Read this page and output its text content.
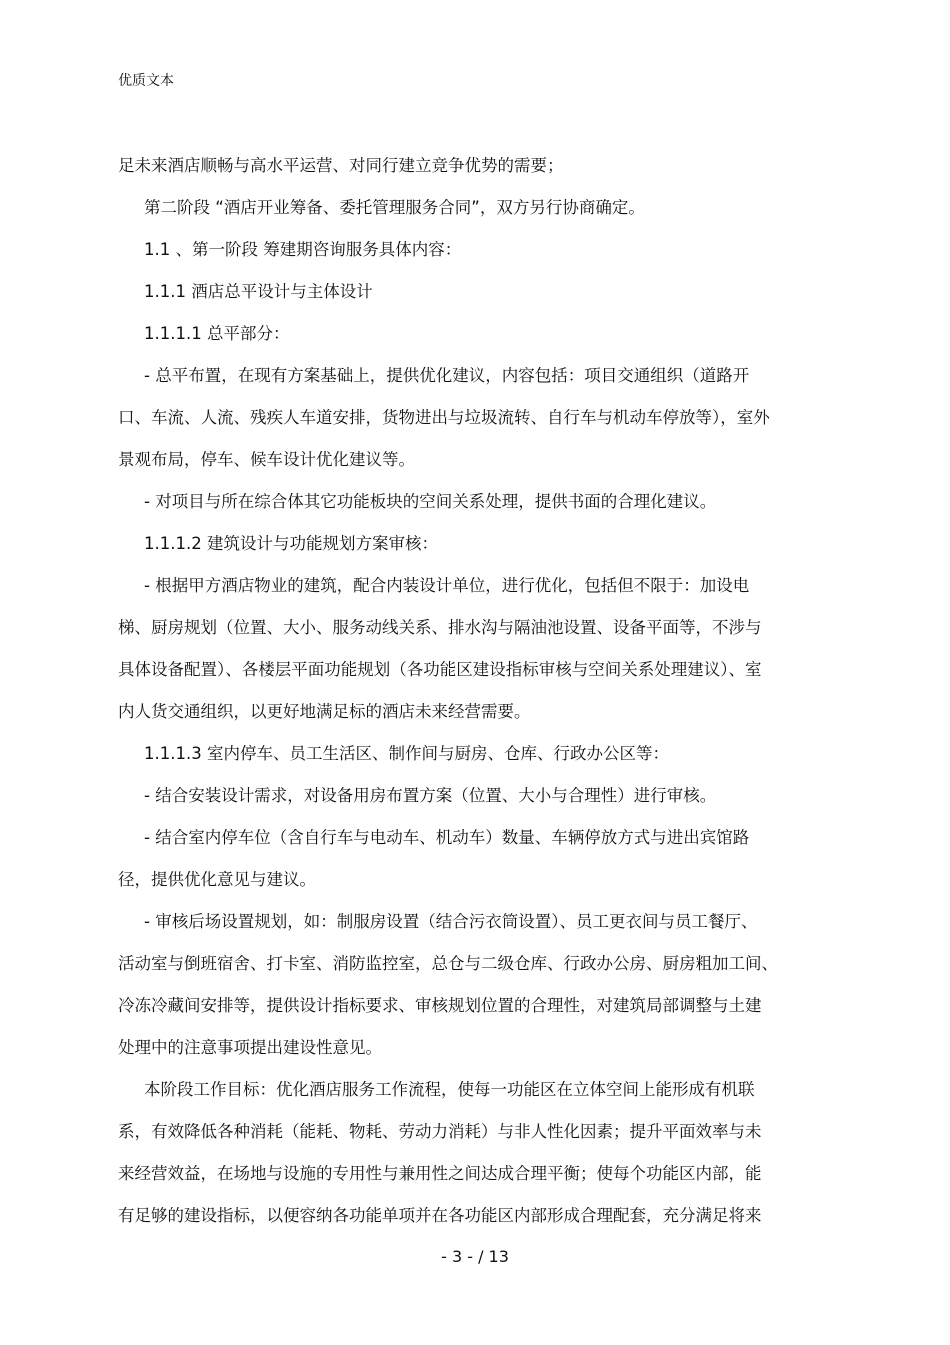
优质文本
足未来酒店顺畅与高水平运营、对同行建立竞争优势的需要；
第二阶段 “酒店开业筹备、委托管理服务合同”，双方另行协商确定。
1.1 、第一阶段 筹建期咨询服务具体内容：
1.1.1 酒店总平设计与主体设计
1.1.1.1 总平部分：
- 总平布置，在现有方案基础上，提供优化建议，内容包括：项目交通组织（道路开
口、车流、人流、残疾人车道安排，货物进出与垃圾流转、自行车与机动车停放等），室外
景观布局，停车、候车设计优化建议等。
- 对项目与所在综合体其它功能板块的空间关系处理，提供书面的合理化建议。
1.1.1.2 建筑设计与功能规划方案审核：
- 根据甲方酒店物业的建筑，配合内装设计单位，进行优化，包括但不限于：加设电
梯、厨房规划（位置、大小、服务动线关系、排水沟与隔油池设置、设备平面等，不涉与
具体设备配置）、各楼层平面功能规划（各功能区建设指标审核与空间关系处理建议）、室
内人货交通组织，以更好地满足标的酒店未来经营需要。
1.1.1.3 室内停车、员工生活区、制作间与厨房、仓库、行政办公区等：
- 结合安装设计需求，对设备用房布置方案（位置、大小与合理性）进行审核。
- 结合室内停车位（含自行车与电动车、机动车）数量、车辆停放方式与进出宾馆路
径，提供优化意见与建议。
- 审核后场设置规划，如：制服房设置（结合污衣筒设置）、员工更衣间与员工餐厅、
活动室与倒班宿舍、打卡室、消防监控室，总仓与二级仓库、行政办公房、厨房粗加工间、
冷冻冷藏间安排等，提供设计指标要求、审核规划位置的合理性，对建筑局部调整与土建
处理中的注意事项提出建设性意见。
本阶段工作目标：优化酒店服务工作流程，使每一功能区在立体空间上能形成有机联
系，有效降低各种消耗（能耗、物耗、劳动力消耗）与非人性化因素；提升平面效率与未
来经营效益，在场地与设施的专用性与兼用性之间达成合理平衡；使每个功能区内部，能
有足够的建设指标，以便容纳各功能单项并在各功能区内部形成合理配套，充分满足将来
- 3 - / 13
